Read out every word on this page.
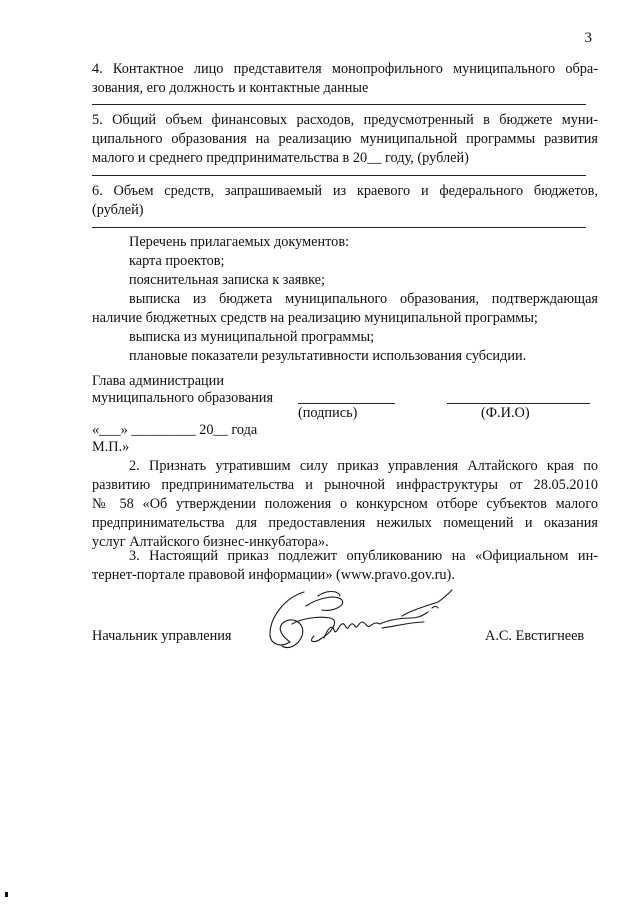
3
4. Контактное лицо представителя монопрофильного муниципального обра-
зования, его должность и контактные данные
5. Общий объем финансовых расходов, предусмотренный в бюджете муни-
ципального образования на реализацию муниципальной программы развития
малого и среднего предпринимательства в 20__ году, (рублей)
6. Объем средств, запрашиваемый из краевого и федерального бюджетов,
(рублей)
Перечень прилагаемых документов:
карта проектов;
пояснительная записка к заявке;
выписка из бюджета муниципального образования, подтверждающая
наличие бюджетных средств на реализацию муниципальной программы;
выписка из муниципальной программы;
плановые показатели результативности использования субсидии.
Глава администрации
муниципального образования
(подпись)	(Ф.И.О)
«___» _________ 20__ года
М.П.»
2. Признать утратившим силу приказ управления Алтайского края по
развитию предпринимательства и рыночной инфраструктуры от 28.05.2010
№ 58 «Об утверждении положения о конкурсном отборе субъектов малого
предпринимательства для предоставления нежилых помещений и оказания
услуг Алтайского бизнес-инкубатора».
3. Настоящий приказ подлежит опубликованию на «Официальном ин-
тернет-портале правовой информации» (www.pravo.gov.ru).
Начальник управления	А.С. Евстигнеев
